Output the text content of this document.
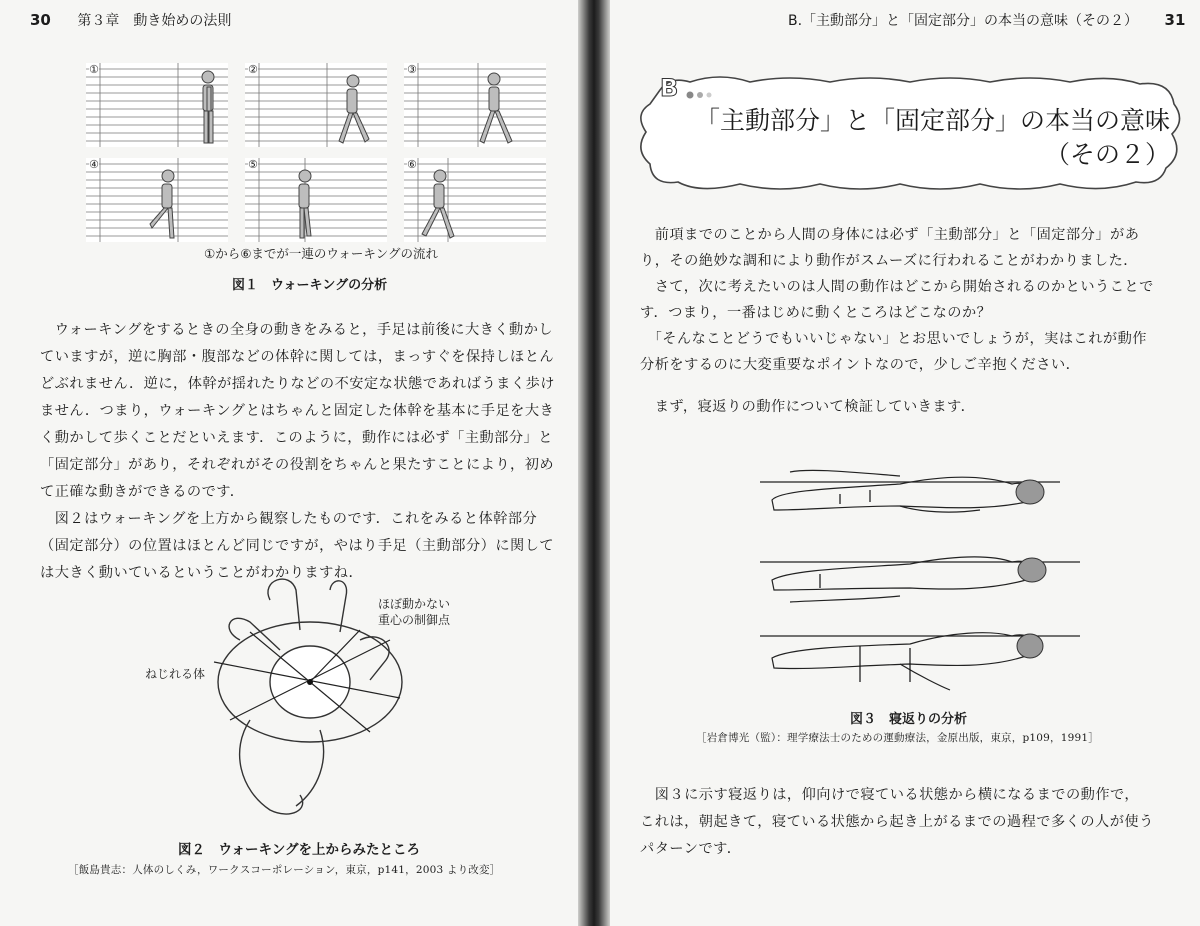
30 第３章　動き始めの法則
①	②	③
④	⑤	⑥
①から⑥までが一連のウォーキングの流れ
図１　ウォーキングの分析

　ウォーキングをするときの全身の動きをみると，手足は前後に大きく動かし

ていますが，逆に胸部・腹部などの体幹に関しては，まっすぐを保持しほとん

どぶれません．逆に，体幹が揺れたりなどの不安定な状態であればうまく歩け

ません．つまり，ウォーキングとはちゃんと固定した体幹を基本に手足を大き

く動かして歩くことだといえます．このように，動作には必ず「主動部分」と

「固定部分」があり，それぞれがその役割をちゃんと果たすことにより，初め

て正確な動きができるのです．

　図２はウォーキングを上方から観察したものです．これをみると体幹部分

（固定部分）の位置はほとんど同じですが，やはり手足（主動部分）に関して

は大きく動いているということがわかりますね．

ねじれる体
ほぼ動かない
重心の制御点
図２　ウォーキングを上からみたところ
［飯島貴志：人体のしくみ，ワークスコーポレーション，東京，p141，2003 より改変］
B.「主動部分」と「固定部分」の本当の意味（その２） 31
B
「主動部分」と「固定部分」の本当の意味
（その２）

　前項までのことから人間の身体には必ず「主動部分」と「固定部分」があ

り，その絶妙な調和により動作がスムーズに行われることがわかりました．

　さて，次に考えたいのは人間の動作はどこから開始されるのかということで

す．つまり，一番はじめに動くところはどこなのか？

　「そんなことどうでもいいじゃない」とお思いでしょうが，実はこれが動作

分析をするのに大変重要なポイントなので，少しご辛抱ください．

　まず，寝返りの動作について検証していきます．

図３　寝返りの分析
［岩倉博光（監）：理学療法士のための運動療法，金原出版，東京，p109，1991］

　図３に示す寝返りは，仰向けで寝ている状態から横になるまでの動作で，

これは，朝起きて，寝ている状態から起き上がるまでの過程で多くの人が使う

パターンです．
